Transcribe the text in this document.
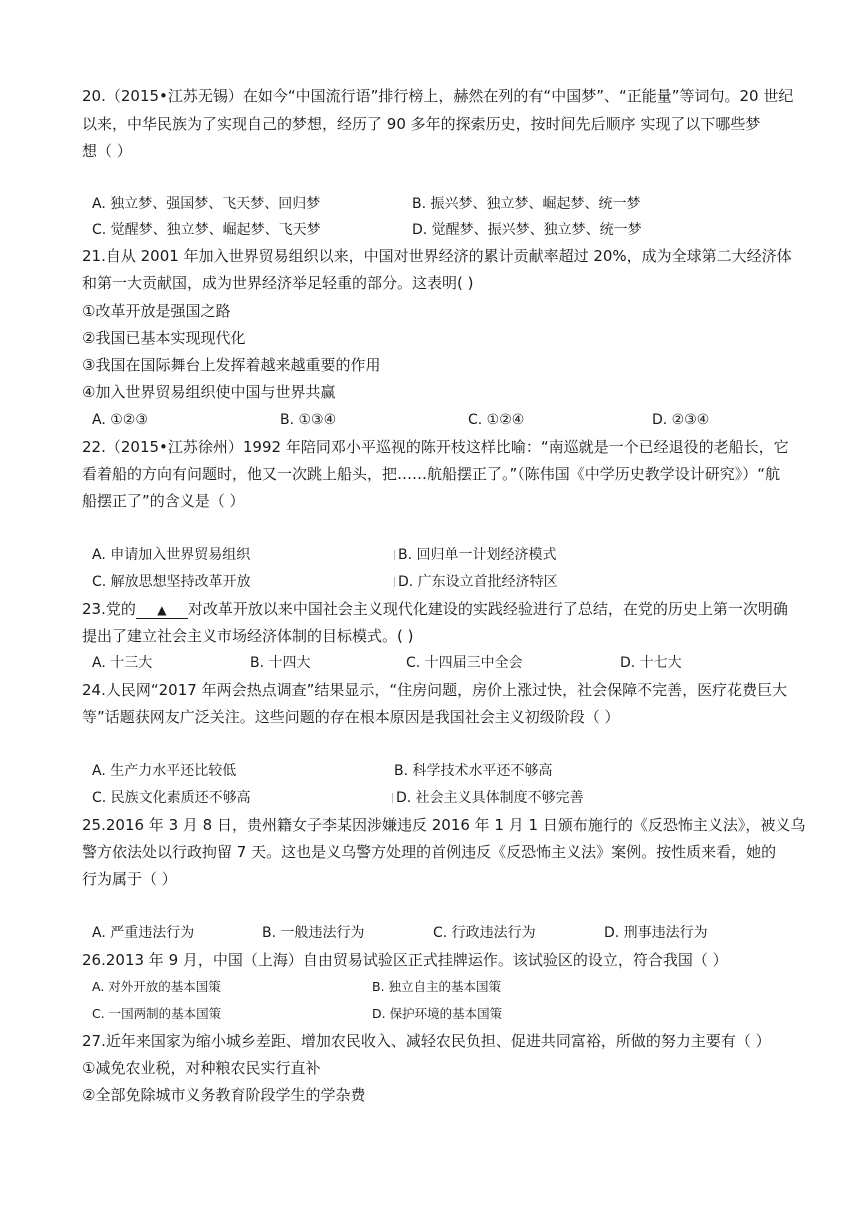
20.（2015•江苏无锡）在如今“中国流行语”排行榜上，赫然在列的有“中国梦”、“正能量”等词句。20 世纪
以来，中华民族为了实现自己的梦想，经历了 90 多年的探索历史，按时间先后顺序 实现了以下哪些梦
想（ ）
A. 独立梦、强国梦、飞天梦、回归梦	B. 振兴梦、独立梦、崛起梦、统一梦
C. 觉醒梦、独立梦、崛起梦、飞天梦	D. 觉醒梦、振兴梦、独立梦、统一梦
21.自从 2001 年加入世界贸易组织以来，中国对世界经济的累计贡献率超过 20%，成为全球第二大经济体
和第一大贡献国，成为世界经济举足轻重的部分。这表明( )
①改革开放是强国之路
②我国已基本实现现代化
③我国在国际舞台上发挥着越来越重要的作用
④加入世界贸易组织使中国与世界共赢
A. ①②③	B. ①③④	C. ①②④	D. ②③④
22.（2015•江苏徐州）1992 年陪同邓小平巡视的陈开枝这样比喻：“南巡就是一个已经退役的老船长，它
看着船的方向有问题时，他又一次跳上船头，把……航船摆正了。”（陈伟国《中学历史教学设计研究》）“航
船摆正了”的含义是（ ）
A. 申请加入世界贸易组织	B. 回归单一计划经济模式
C. 解放思想坚持改革开放	D. 广东设立首批经济特区
23.党的 ▲ 对改革开放以来中国社会主义现代化建设的实践经验进行了总结，在党的历史上第一次明确
提出了建立社会主义市场经济体制的目标模式。( )
A. 十三大	B. 十四大	C. 十四届三中全会	D. 十七大
24.人民网“2017 年两会热点调查”结果显示，“住房问题，房价上涨过快，社会保障不完善，医疗花费巨大
等”话题获网友广泛关注。这些问题的存在根本原因是我国社会主义初级阶段（ ）
A. 生产力水平还比较低	B. 科学技术水平还不够高
C. 民族文化素质还不够高	D. 社会主义具体制度不够完善
25.2016 年 3 月 8 日，贵州籍女子李某因涉嫌违反 2016 年 1 月 1 日颁布施行的《反恐怖主义法》，被义乌
警方依法处以行政拘留 7 天。这也是义乌警方处理的首例违反《反恐怖主义法》案例。按性质来看，她的
行为属于（ ）
A. 严重违法行为	B. 一般违法行为	C. 行政违法行为	D. 刑事违法行为
26.2013 年 9 月，中国（上海）自由贸易试验区正式挂牌运作。该试验区的设立，符合我国（ ）
A. 对外开放的基本国策	B. 独立自主的基本国策
C. 一国两制的基本国策	D. 保护环境的基本国策
27.近年来国家为缩小城乡差距、增加农民收入、减轻农民负担、促进共同富裕，所做的努力主要有（ ）
①减免农业税，对种粮农民实行直补
②全部免除城市义务教育阶段学生的学杂费
